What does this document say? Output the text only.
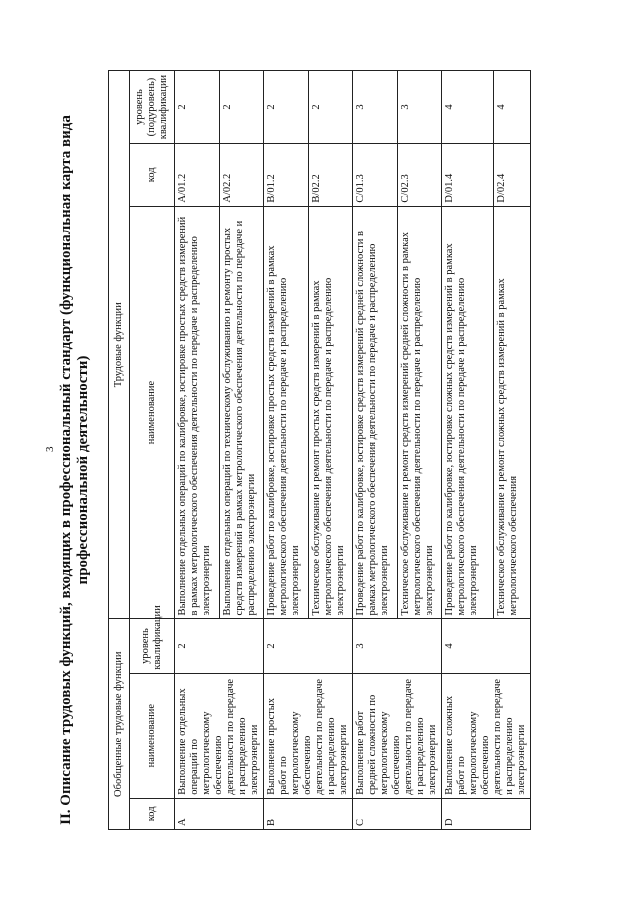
3 II. Описание трудовых функций, входящих в профессиональный стандарт (функциональная карта вида профессиональной деятельности)
Обобщенные трудовые функции			Трудовые функции		
код	наименование	уровень квалификации	наименование	код	уровень (подуровень) квалификации
A	Выполнение отдельных операций по метрологическому обеспечению деятельности по передаче и распределению электроэнергии	2	Выполнение отдельных операций по калибровке, юстировке простых средств измерений в рамках метрологического обеспечения деятельности по передаче и распределению электроэнергии	A/01.2	2
			Выполнение отдельных операций по техническому обслуживанию и ремонту простых средств измерений в рамках метрологического обеспечения деятельности по передаче и распределению электроэнергии	A/02.2	2
B	Выполнение простых работ по метрологическому обеспечению деятельности по передаче и распределению электроэнергии	2	Проведение работ по калибровке, юстировке простых средств измерений в рамках метрологического обеспечения деятельности по передаче и распределению электроэнергии	B/01.2	2
			Техническое обслуживание и ремонт простых средств измерений в рамках метрологического обеспечения деятельности по передаче и распределению электроэнергии	B/02.2	2
C	Выполнение работ средней сложности по метрологическому обеспечению деятельности по передаче и распределению электроэнергии	3	Проведение работ по калибровке, юстировке средств измерений средней сложности в рамках метрологического обеспечения деятельности по передаче и распределению электроэнергии	C/01.3	3
			Техническое обслуживание и ремонт средств измерений средней сложности в рамках метрологического обеспечения деятельности по передаче и распределению электроэнергии	C/02.3	3
D	Выполнение сложных работ по метрологическому обеспечению деятельности по передаче и распределению электроэнергии	4	Проведение работ по калибровке, юстировке сложных средств измерений в рамках метрологического обеспечения деятельности по передаче и распределению электроэнергии	D/01.4	4
			Техническое обслуживание и ремонт сложных средств измерений в рамках метрологического обеспечения	D/02.4	4
